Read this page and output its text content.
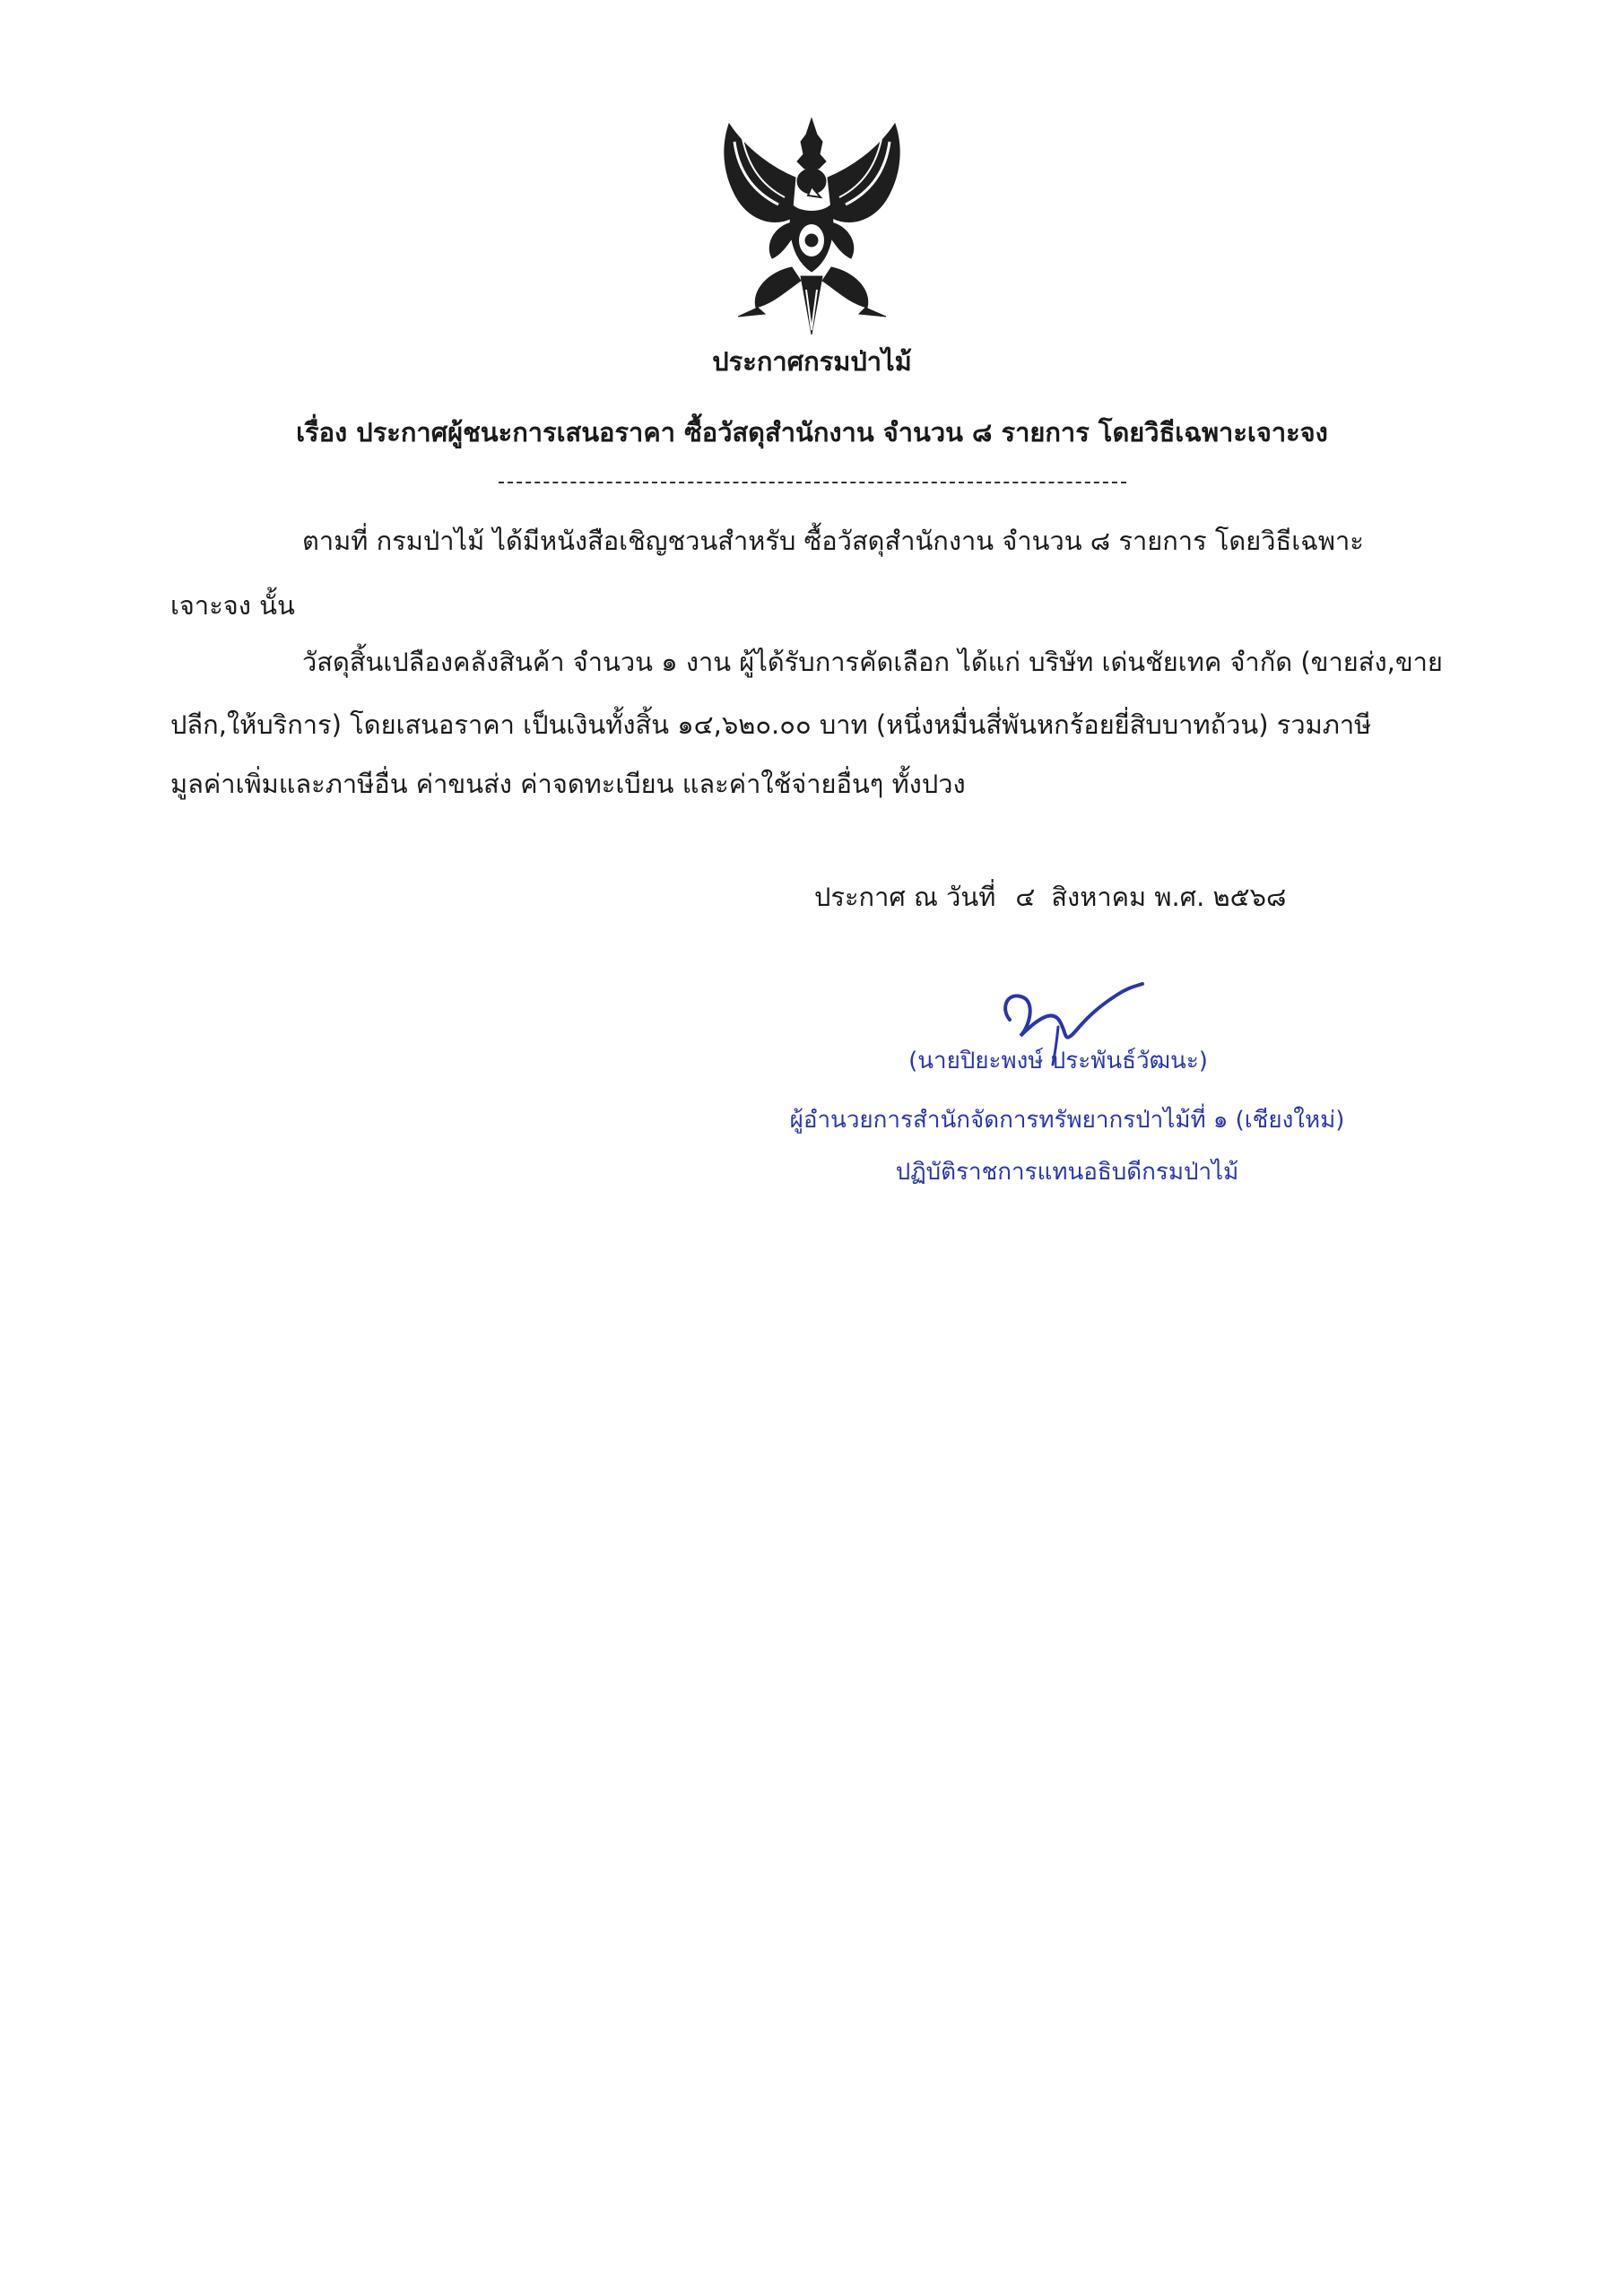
ประกาศกรมป่าไม้
เรื่อง ประกาศผู้ชนะการเสนอราคา ซื้อวัสดุสำนักงาน จำนวน ๘ รายการ โดยวิธีเฉพาะเจาะจง
ตามที่ กรมป่าไม้ ได้มีหนังสือเชิญชวนสำหรับ ซื้อวัสดุสำนักงาน จำนวน ๘ รายการ โดยวิธีเฉพาะ
เจาะจง นั้น
วัสดุสิ้นเปลืองคลังสินค้า จำนวน ๑ งาน ผู้ได้รับการคัดเลือก ได้แก่ บริษัท เด่นชัยเทค จำกัด (ขายส่ง,ขาย
ปลีก,ให้บริการ) โดยเสนอราคา เป็นเงินทั้งสิ้น ๑๔,๖๒๐.๐๐ บาท (หนึ่งหมื่นสี่พันหกร้อยยี่สิบบาทถ้วน) รวมภาษี
มูลค่าเพิ่มและภาษีอื่น ค่าขนส่ง ค่าจดทะเบียน และค่าใช้จ่ายอื่นๆ ทั้งปวง
ประกาศ ณ วันที่ ๔ สิงหาคม พ.ศ. ๒๕๖๘
(นายปิยะพงษ์ ประพันธ์วัฒนะ)
ผู้อำนวยการสำนักจัดการทรัพยากรป่าไม้ที่ ๑ (เชียงใหม่)
ปฏิบัติราชการแทนอธิบดีกรมป่าไม้
